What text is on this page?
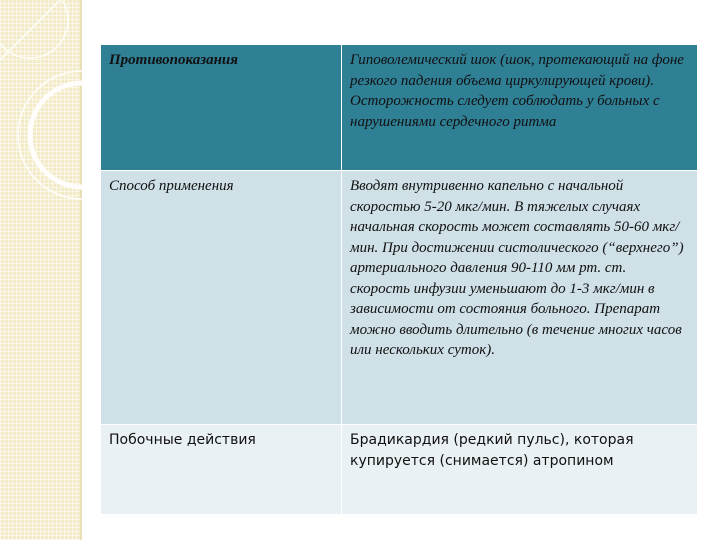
Противопоказания	Гиповолемический шок (шок, протекающий на фоне резкого падения объема циркулирующей крови). Осторожность следует соблюдать у больных с нарушениями сердечного ритма
Способ применения	Вводят внутривенно капельно с начальной скоростью 5-20 мкг/мин. В тяжелых случаях начальная скорость может составлять 50-60 мкг/мин. При достижении систолического (“верхнего”) артериального давления 90-110 мм рт. ст. скорость инфузии уменьшают до 1-3 мкг/мин в зависимости от состояния больного. Препарат можно вводить длительно (в течение многих часов или нескольких суток).
Побочные действия	Брадикардия (редкий пульс), которая купируется (снимается) атропином
